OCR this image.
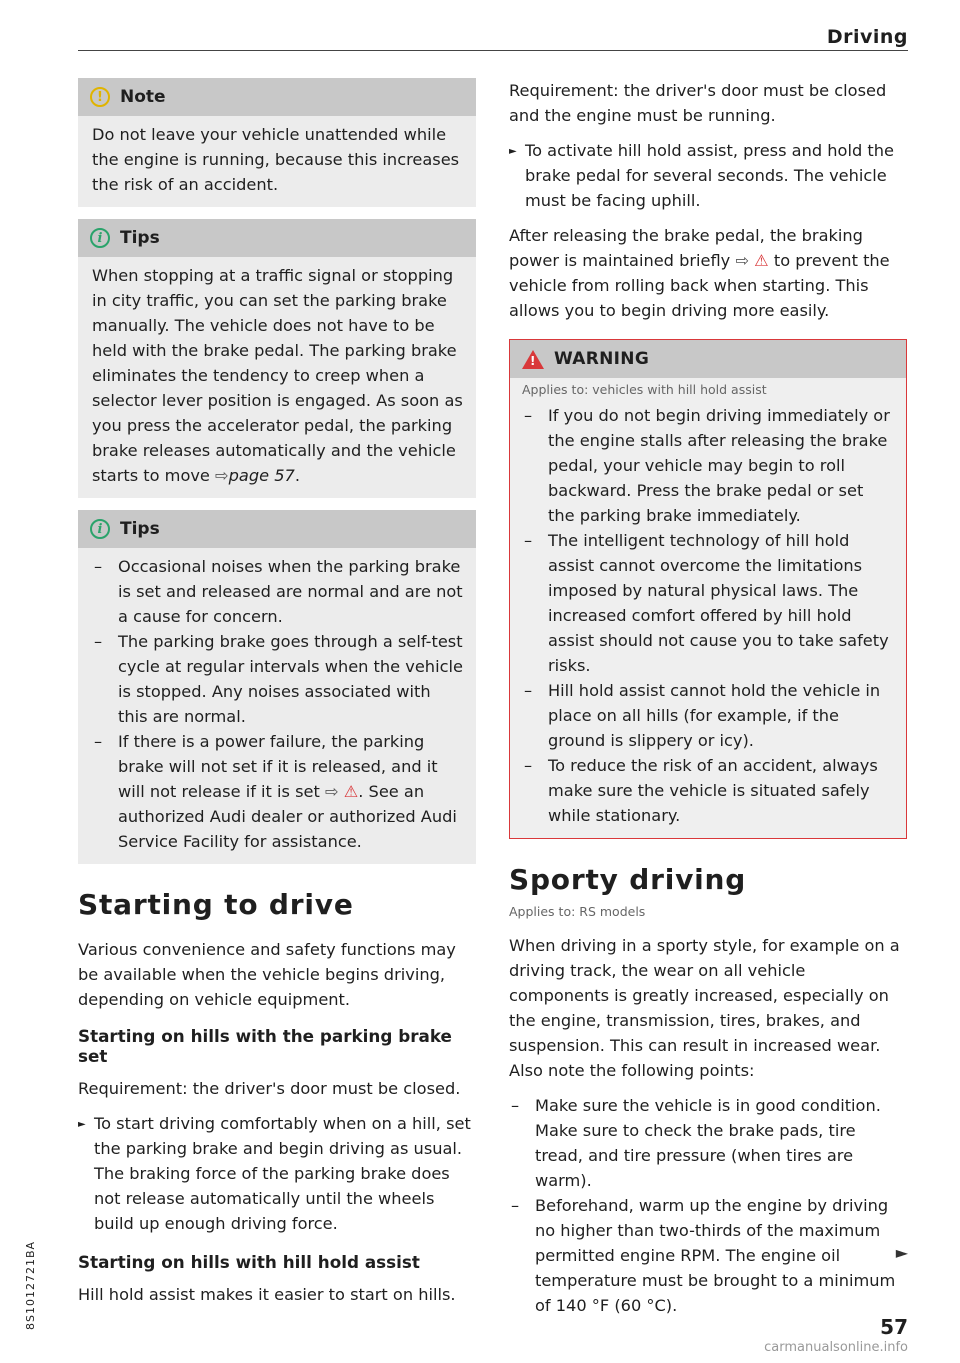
Driving
!	Note

Do not leave your vehicle unattended while the engine is running, because this increases the risk of an accident.

i	Tips

When stopping at a traffic signal or stopping in city traffic, you can set the parking brake manually. The vehicle does not have to be held with the brake pedal. The parking brake eliminates the tendency to creep when a selector lever position is engaged. As soon as you press the accelerator pedal, the parking brake releases automatically and the vehicle starts to move ⇨page 57.

i	Tips
– Occasional noises when the parking brake is set and released are normal and are not a cause for concern.
– The parking brake goes through a self-test cycle at regular intervals when the vehicle is stopped. Any noises associated with this are normal.
– If there is a power failure, the parking brake will not set if it is released, and it will not release if it is set ⇨ ⚠. See an authorized Audi dealer or authorized Audi Service Facility for assistance.
Starting to drive

Various convenience and safety functions may be available when the vehicle begins driving, depending on vehicle equipment.

Starting on hills with the parking brake set

Requirement: the driver's door must be closed.

► To start driving comfortably when on a hill, set the parking brake and begin driving as usual. The braking force of the parking brake does not release automatically until the wheels build up enough driving force.

Starting on hills with hill hold assist

Hill hold assist makes it easier to start on hills.

Requirement: the driver's door must be closed and the engine must be running.

► To activate hill hold assist, press and hold the brake pedal for several seconds. The vehicle must be facing uphill.

After releasing the brake pedal, the braking power is maintained briefly ⇨ ⚠ to prevent the vehicle from rolling back when starting. This allows you to begin driving more easily.

! WARNING
Applies to: vehicles with hill hold assist
– If you do not begin driving immediately or the engine stalls after releasing the brake pedal, your vehicle may begin to roll backward. Press the brake pedal or set the parking brake immediately.
– The intelligent technology of hill hold assist cannot overcome the limitations imposed by natural physical laws. The increased comfort offered by hill hold assist should not cause you to take safety risks.
– Hill hold assist cannot hold the vehicle in place on all hills (for example, if the ground is slippery or icy).
– To reduce the risk of an accident, always make sure the vehicle is situated safely while stationary.
Sporty driving
Applies to: RS models

When driving in a sporty style, for example on a driving track, the wear on all vehicle components is greatly increased, especially on the engine, transmission, tires, brakes, and suspension. This can result in increased wear. Also note the following points:

– Make sure the vehicle is in good condition. Make sure to check the brake pads, tire tread, and tire pressure (when tires are warm).
– Beforehand, warm up the engine by driving no higher than two-thirds of the maximum permitted engine RPM. The engine oil temperature must be brought to a minimum of 140 °F (60 °C).
►
57
8S1012721BA
carmanualsonline.info
